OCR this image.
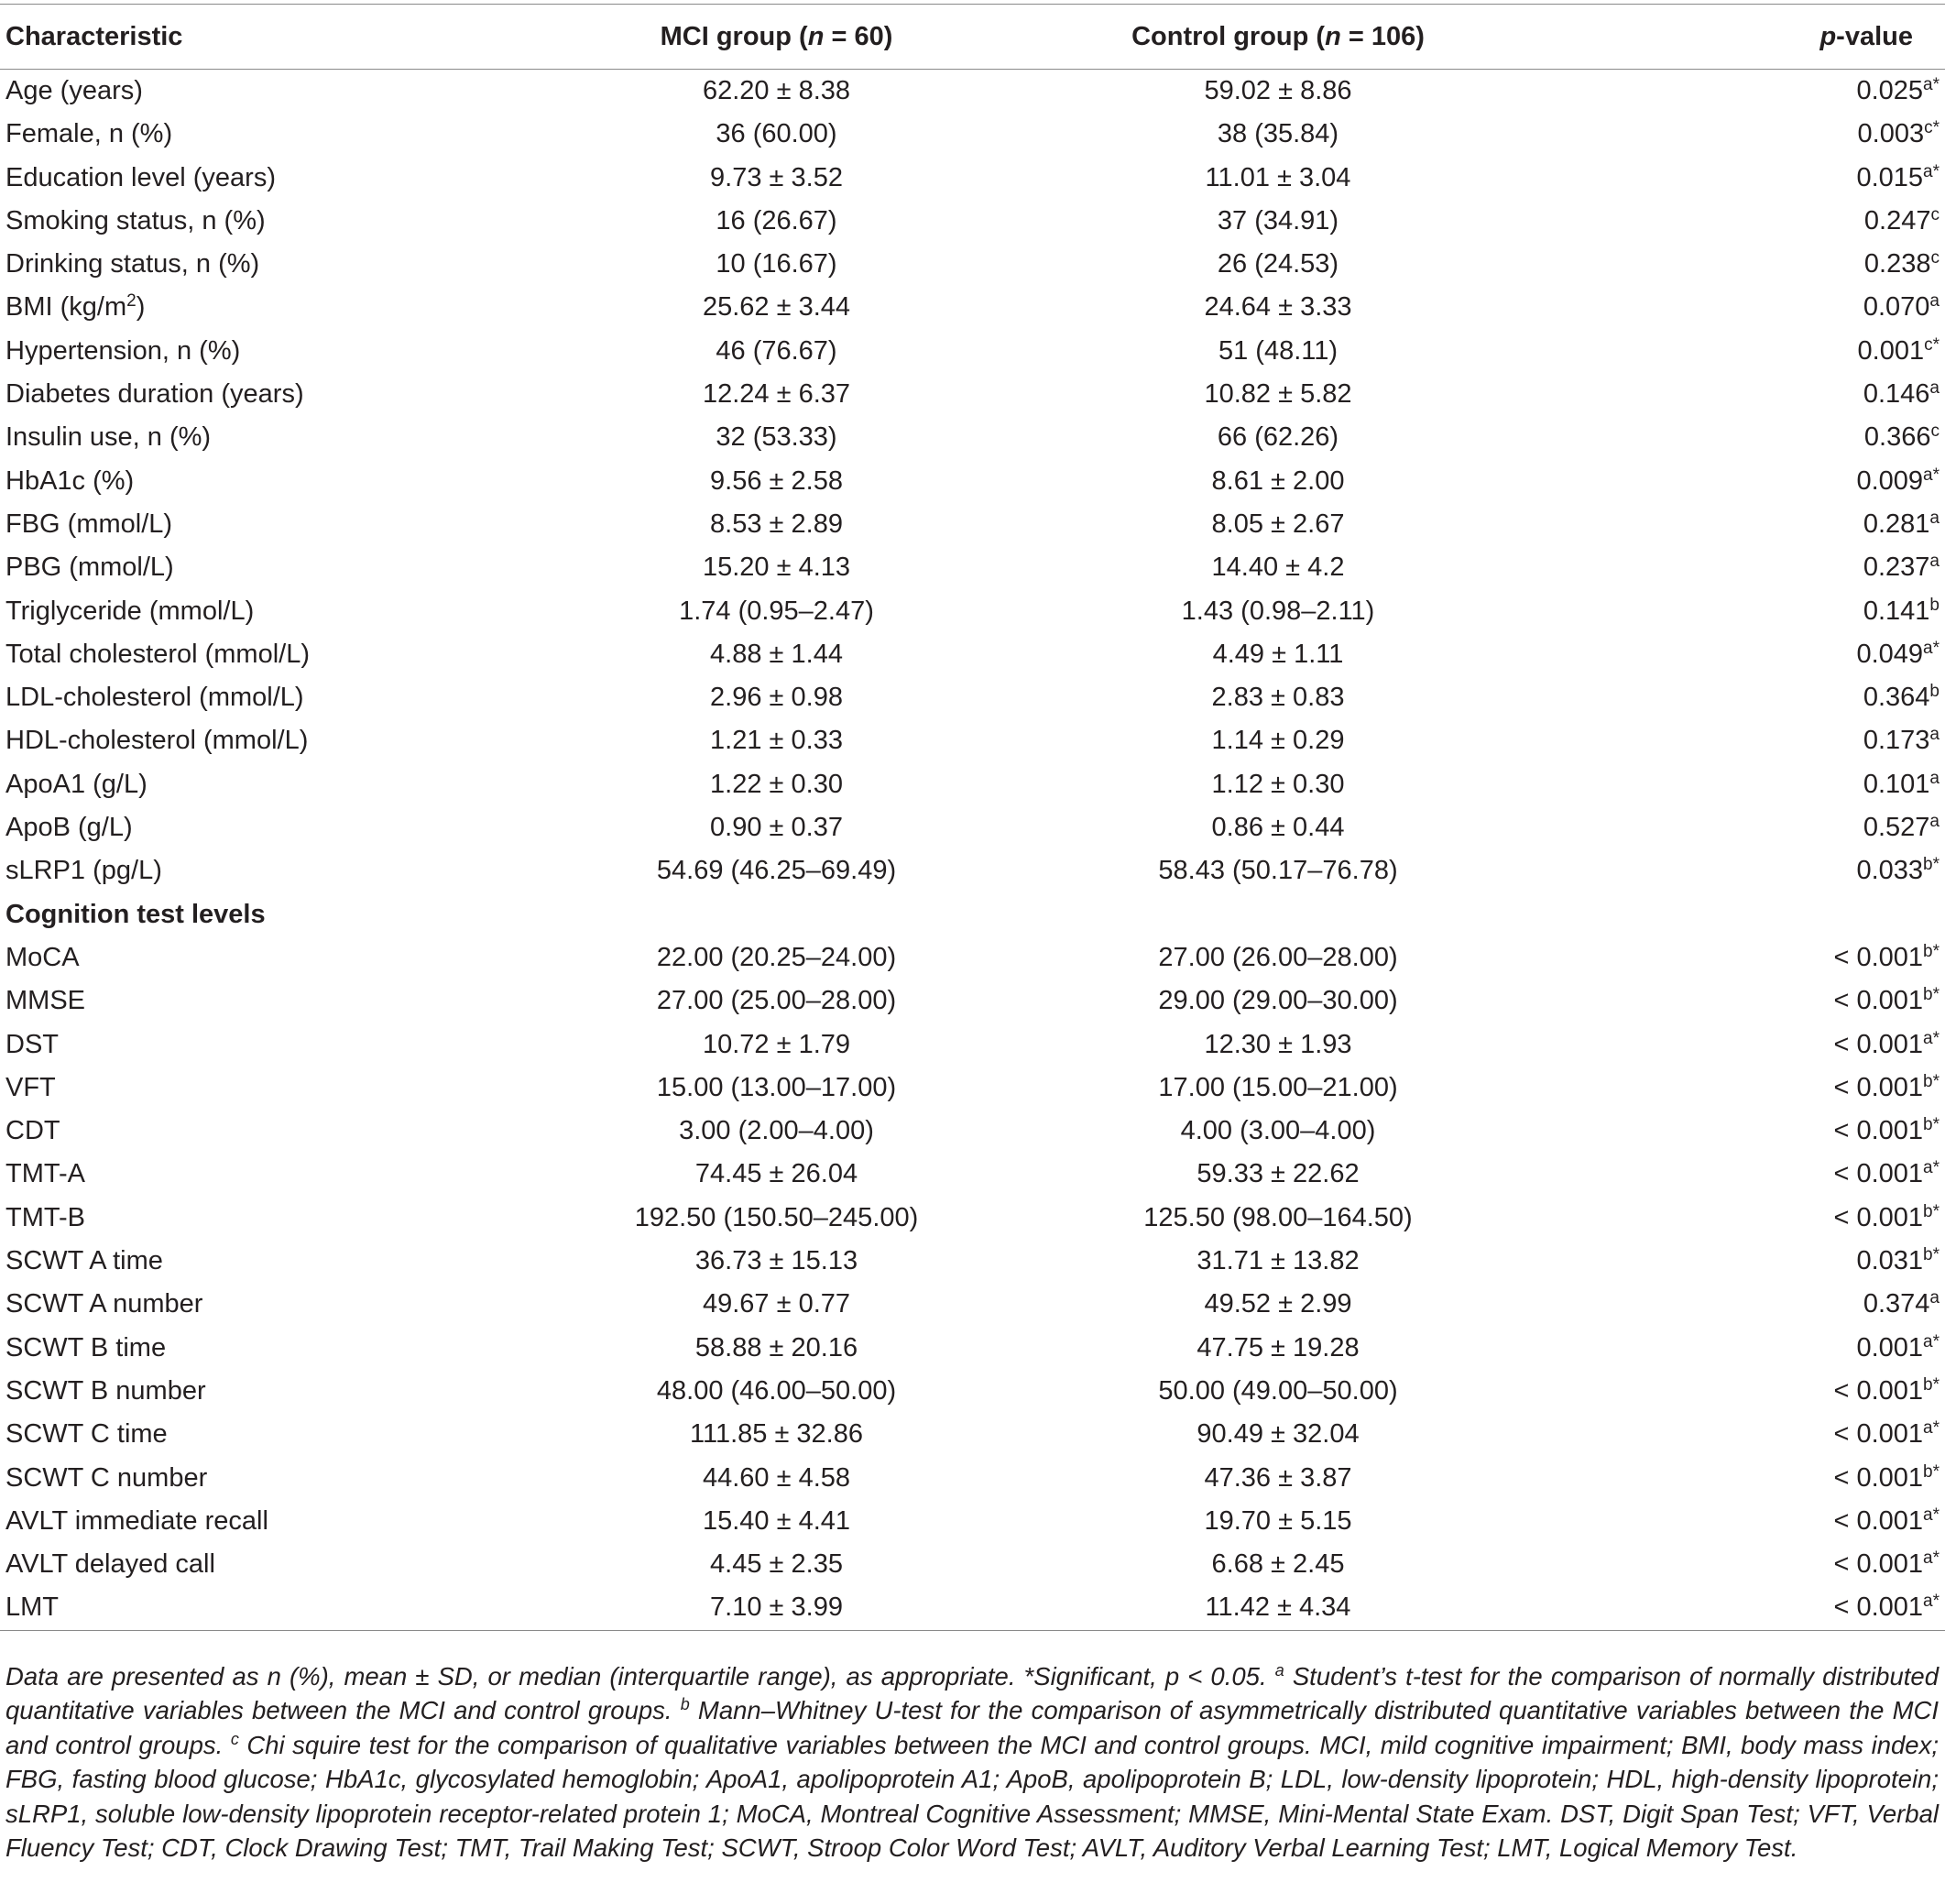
Characteristic	MCI group (n = 60)	Control group (n = 106)	p-value
Age (years)	62.20 ± 8.38	59.02 ± 8.86	$0.025^{a*}$
Female, n (%)	36 (60.00)	38 (35.84)	$0.003^{c*}$
Education level (years)	9.73 ± 3.52	11.01 ± 3.04	$0.015^{a*}$
Smoking status, n (%)	16 (26.67)	37 (34.91)	0.247$^c$
Drinking status, n (%)	10 (16.67)	26 (24.53)	0.238$^c$
BMI $(kg/m^2)$	25.62 ± 3.44	24.64 ± 3.33	0.070$^a$
Hypertension, n (%)	46 (76.67)	51 (48.11)	$0.001^{c*}$
Diabetes duration (years)	12.24 ± 6.37	10.82 ± 5.82	0.146$^a$
Insulin use, n (%)	32 (53.33)	66 (62.26)	0.366$^c$
HbA1c (%)	9.56 ± 2.58	8.61 ± 2.00	$0.009^{a*}$
FBG (mmol/L)	8.53 ± 2.89	8.05 ± 2.67	0.281$^a$
PBG (mmol/L)	15.20 ± 4.13	14.40 ± 4.2	0.237$^a$
Triglyceride (mmol/L)	1.74 (0.95–2.47)	1.43 (0.98–2.11)	0.141$^b$
Total cholesterol (mmol/L)	4.88 ± 1.44	4.49 ± 1.11	$0.049^{a*}$
LDL-cholesterol (mmol/L)	2.96 ± 0.98	2.83 ± 0.83	0.364$^b$
HDL-cholesterol (mmol/L)	1.21 ± 0.33	1.14 ± 0.29	0.173$^a$
ApoA1 (g/L)	1.22 ± 0.30	1.12 ± 0.30	0.101$^a$
ApoB (g/L)	0.90 ± 0.37	0.86 ± 0.44	0.527$^a$
sLRP1 (pg/L)	54.69 (46.25–69.49)	58.43 (50.17–76.78)	$0.033^{b*}$
Cognition test levels			
MoCA	22.00 (20.25–24.00)	27.00 (26.00–28.00)	< $0.001^{b*}$
MMSE	27.00 (25.00–28.00)	29.00 (29.00–30.00)	< $0.001^{b*}$
DST	10.72 ± 1.79	12.30 ± 1.93	< $0.001^{a*}$
VFT	15.00 (13.00–17.00)	17.00 (15.00–21.00)	< $0.001^{b*}$
CDT	3.00 (2.00–4.00)	4.00 (3.00–4.00)	< $0.001^{b*}$
TMT-A	74.45 ± 26.04	59.33 ± 22.62	< $0.001^{a*}$
TMT-B	192.50 (150.50–245.00)	125.50 (98.00–164.50)	< $0.001^{b*}$
SCWT A time	36.73 ± 15.13	31.71 ± 13.82	$0.031^{b*}$
SCWT A number	49.67 ± 0.77	49.52 ± 2.99	0.374$^a$
SCWT B time	58.88 ± 20.16	47.75 ± 19.28	$0.001^{a*}$
SCWT B number	48.00 (46.00–50.00)	50.00 (49.00–50.00)	< $0.001^{b*}$
SCWT C time	111.85 ± 32.86	90.49 ± 32.04	< $0.001^{a*}$
SCWT C number	44.60 ± 4.58	47.36 ± 3.87	< $0.001^{b*}$
AVLT immediate recall	15.40 ± 4.41	19.70 ± 5.15	< $0.001^{a*}$
AVLT delayed call	4.45 ± 2.35	6.68 ± 2.45	< $0.001^{a*}$
LMT	7.10 ± 3.99	11.42 ± 4.34	< $0.001^{a*}$
Data are presented as n (%), mean ± SD, or median (interquartile range), as appropriate. *Significant, p < 0.05. $^a$ Student’s t-test for the comparison of normally distributed quantitative variables between the MCI and control groups. $^b$ Mann–Whitney U-test for the comparison of asymmetrically distributed quantitative variables between the MCI and control groups. $^c$ Chi squire test for the comparison of qualitative variables between the MCI and control groups. MCI, mild cognitive impairment; BMI, body mass index; FBG, fasting blood glucose; HbA1c, glycosylated hemoglobin; ApoA1, apolipoprotein A1; ApoB, apolipoprotein B; LDL, low-density lipoprotein; HDL, high-density lipoprotein; sLRP1, soluble low-density lipoprotein receptor-related protein 1; MoCA, Montreal Cognitive Assessment; MMSE, Mini-Mental State Exam. DST, Digit Span Test; VFT, Verbal Fluency Test; CDT, Clock Drawing Test; TMT, Trail Making Test; SCWT, Stroop Color Word Test; AVLT, Auditory Verbal Learning Test; LMT, Logical Memory Test.
